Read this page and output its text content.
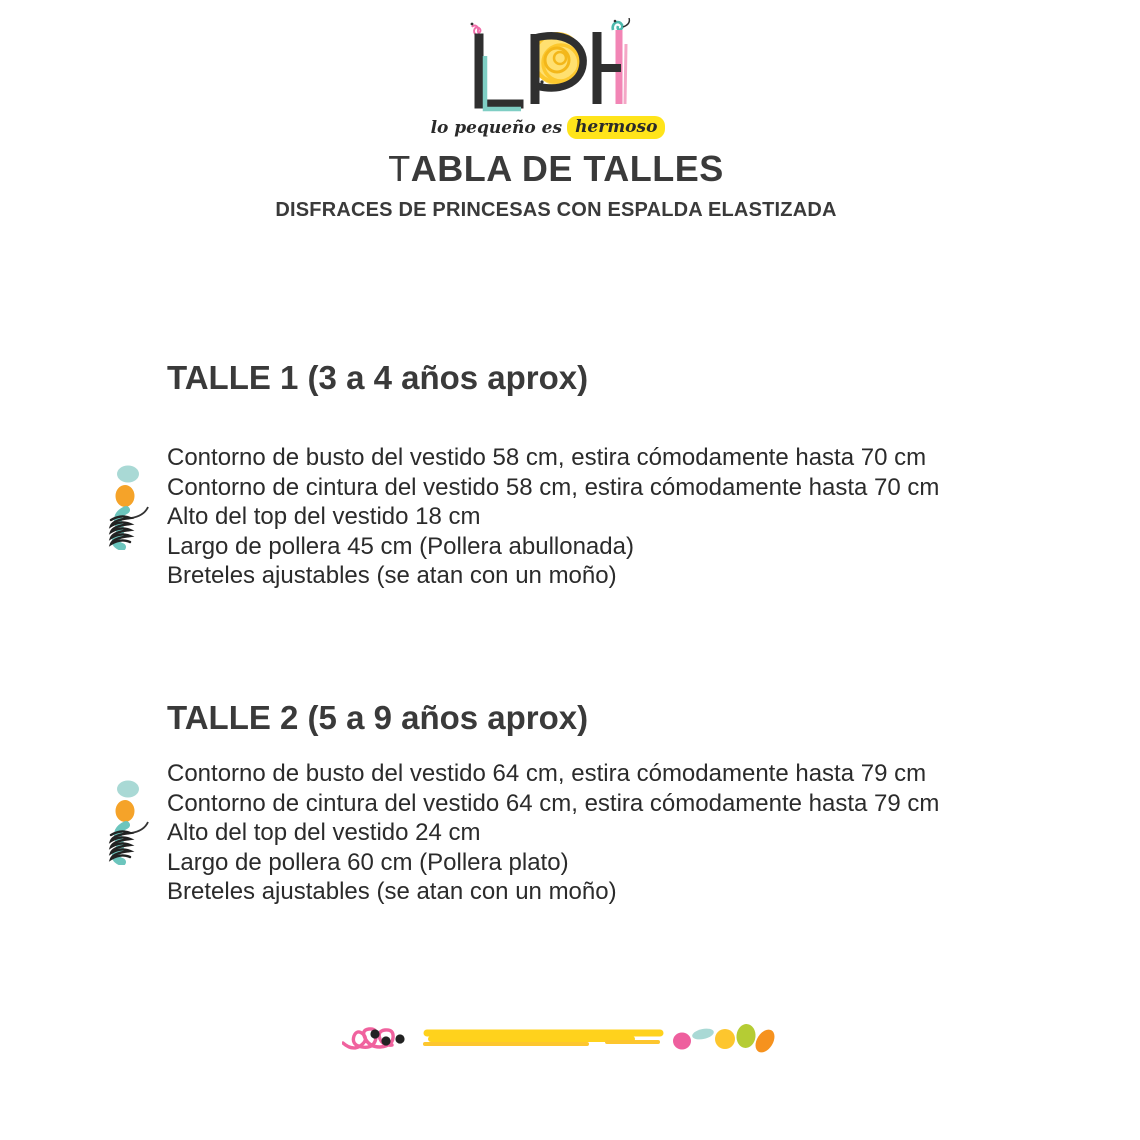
lo pequeño es hermoso
TABLA DE TALLES
DISFRACES DE PRINCESAS CON ESPALDA ELASTIZADA
TALLE 1 (3 a 4 años aprox)

Contorno de busto del vestido 58 cm, estira cómodamente hasta 70 cm

Contorno de cintura del vestido 58 cm, estira cómodamente hasta 70 cm

Alto del top del vestido 18 cm

Largo de pollera 45 cm (Pollera abullonada)

Breteles ajustables (se atan con un moño)

TALLE 2 (5 a 9 años aprox)

Contorno de busto del vestido 64 cm, estira cómodamente hasta 79 cm

Contorno de cintura del vestido 64 cm, estira cómodamente hasta 79 cm

Alto del top del vestido 24 cm

Largo de pollera 60 cm (Pollera plato)

Breteles ajustables (se atan con un moño)
